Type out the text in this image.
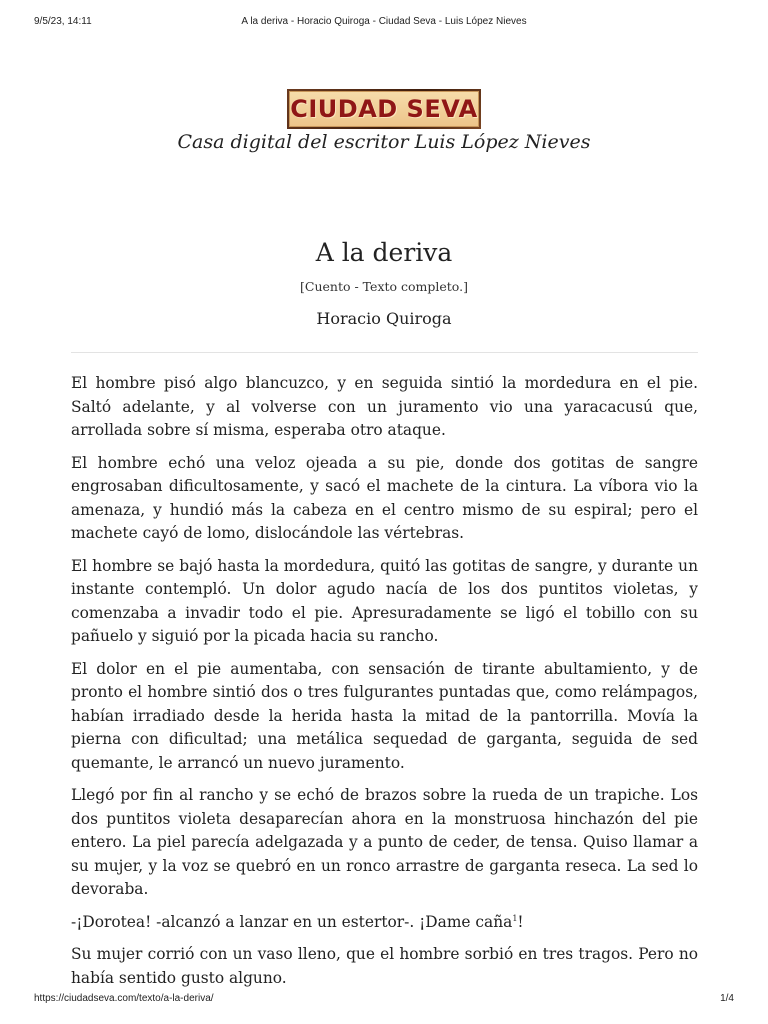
9/5/23, 14:11	A la deriva - Horacio Quiroga - Ciudad Seva - Luis López Nieves
CIUDAD SEVA
Casa digital del escritor Luis López Nieves
A la deriva
[Cuento - Texto completo.]
Horacio Quiroga

El hombre pisó algo blancuzco, y en seguida sintió la mordedura en el pie. Saltó adelante, y al volverse con un juramento vio una yaracacusú que, arrollada sobre sí misma, esperaba otro ataque.

El hombre echó una veloz ojeada a su pie, donde dos gotitas de sangre engrosaban dificultosamente, y sacó el machete de la cintura. La víbora vio la amenaza, y hundió más la cabeza en el centro mismo de su espiral; pero el machete cayó de lomo, dislocándole las vértebras.

El hombre se bajó hasta la mordedura, quitó las gotitas de sangre, y durante un instante contempló. Un dolor agudo nacía de los dos puntitos violetas, y comenzaba a invadir todo el pie. Apresuradamente se ligó el tobillo con su pañuelo y siguió por la picada hacia su rancho.

El dolor en el pie aumentaba, con sensación de tirante abultamiento, y de pronto el hombre sintió dos o tres fulgurantes puntadas que, como relámpagos, habían irradiado desde la herida hasta la mitad de la pantorrilla. Movía la pierna con dificultad; una metálica sequedad de garganta, seguida de sed quemante, le arrancó un nuevo juramento.

Llegó por fin al rancho y se echó de brazos sobre la rueda de un trapiche. Los dos puntitos violeta desaparecían ahora en la monstruosa hinchazón del pie entero. La piel parecía adelgazada y a punto de ceder, de tensa. Quiso llamar a su mujer, y la voz se quebró en un ronco arrastre de garganta reseca. La sed lo devoraba.

-¡Dorotea! -alcanzó a lanzar en un estertor-. ¡Dame caña$^1$!

Su mujer corrió con un vaso lleno, que el hombre sorbió en tres tragos. Pero no había sentido gusto alguno.

https://ciudadseva.com/texto/a-la-deriva/	1/4
